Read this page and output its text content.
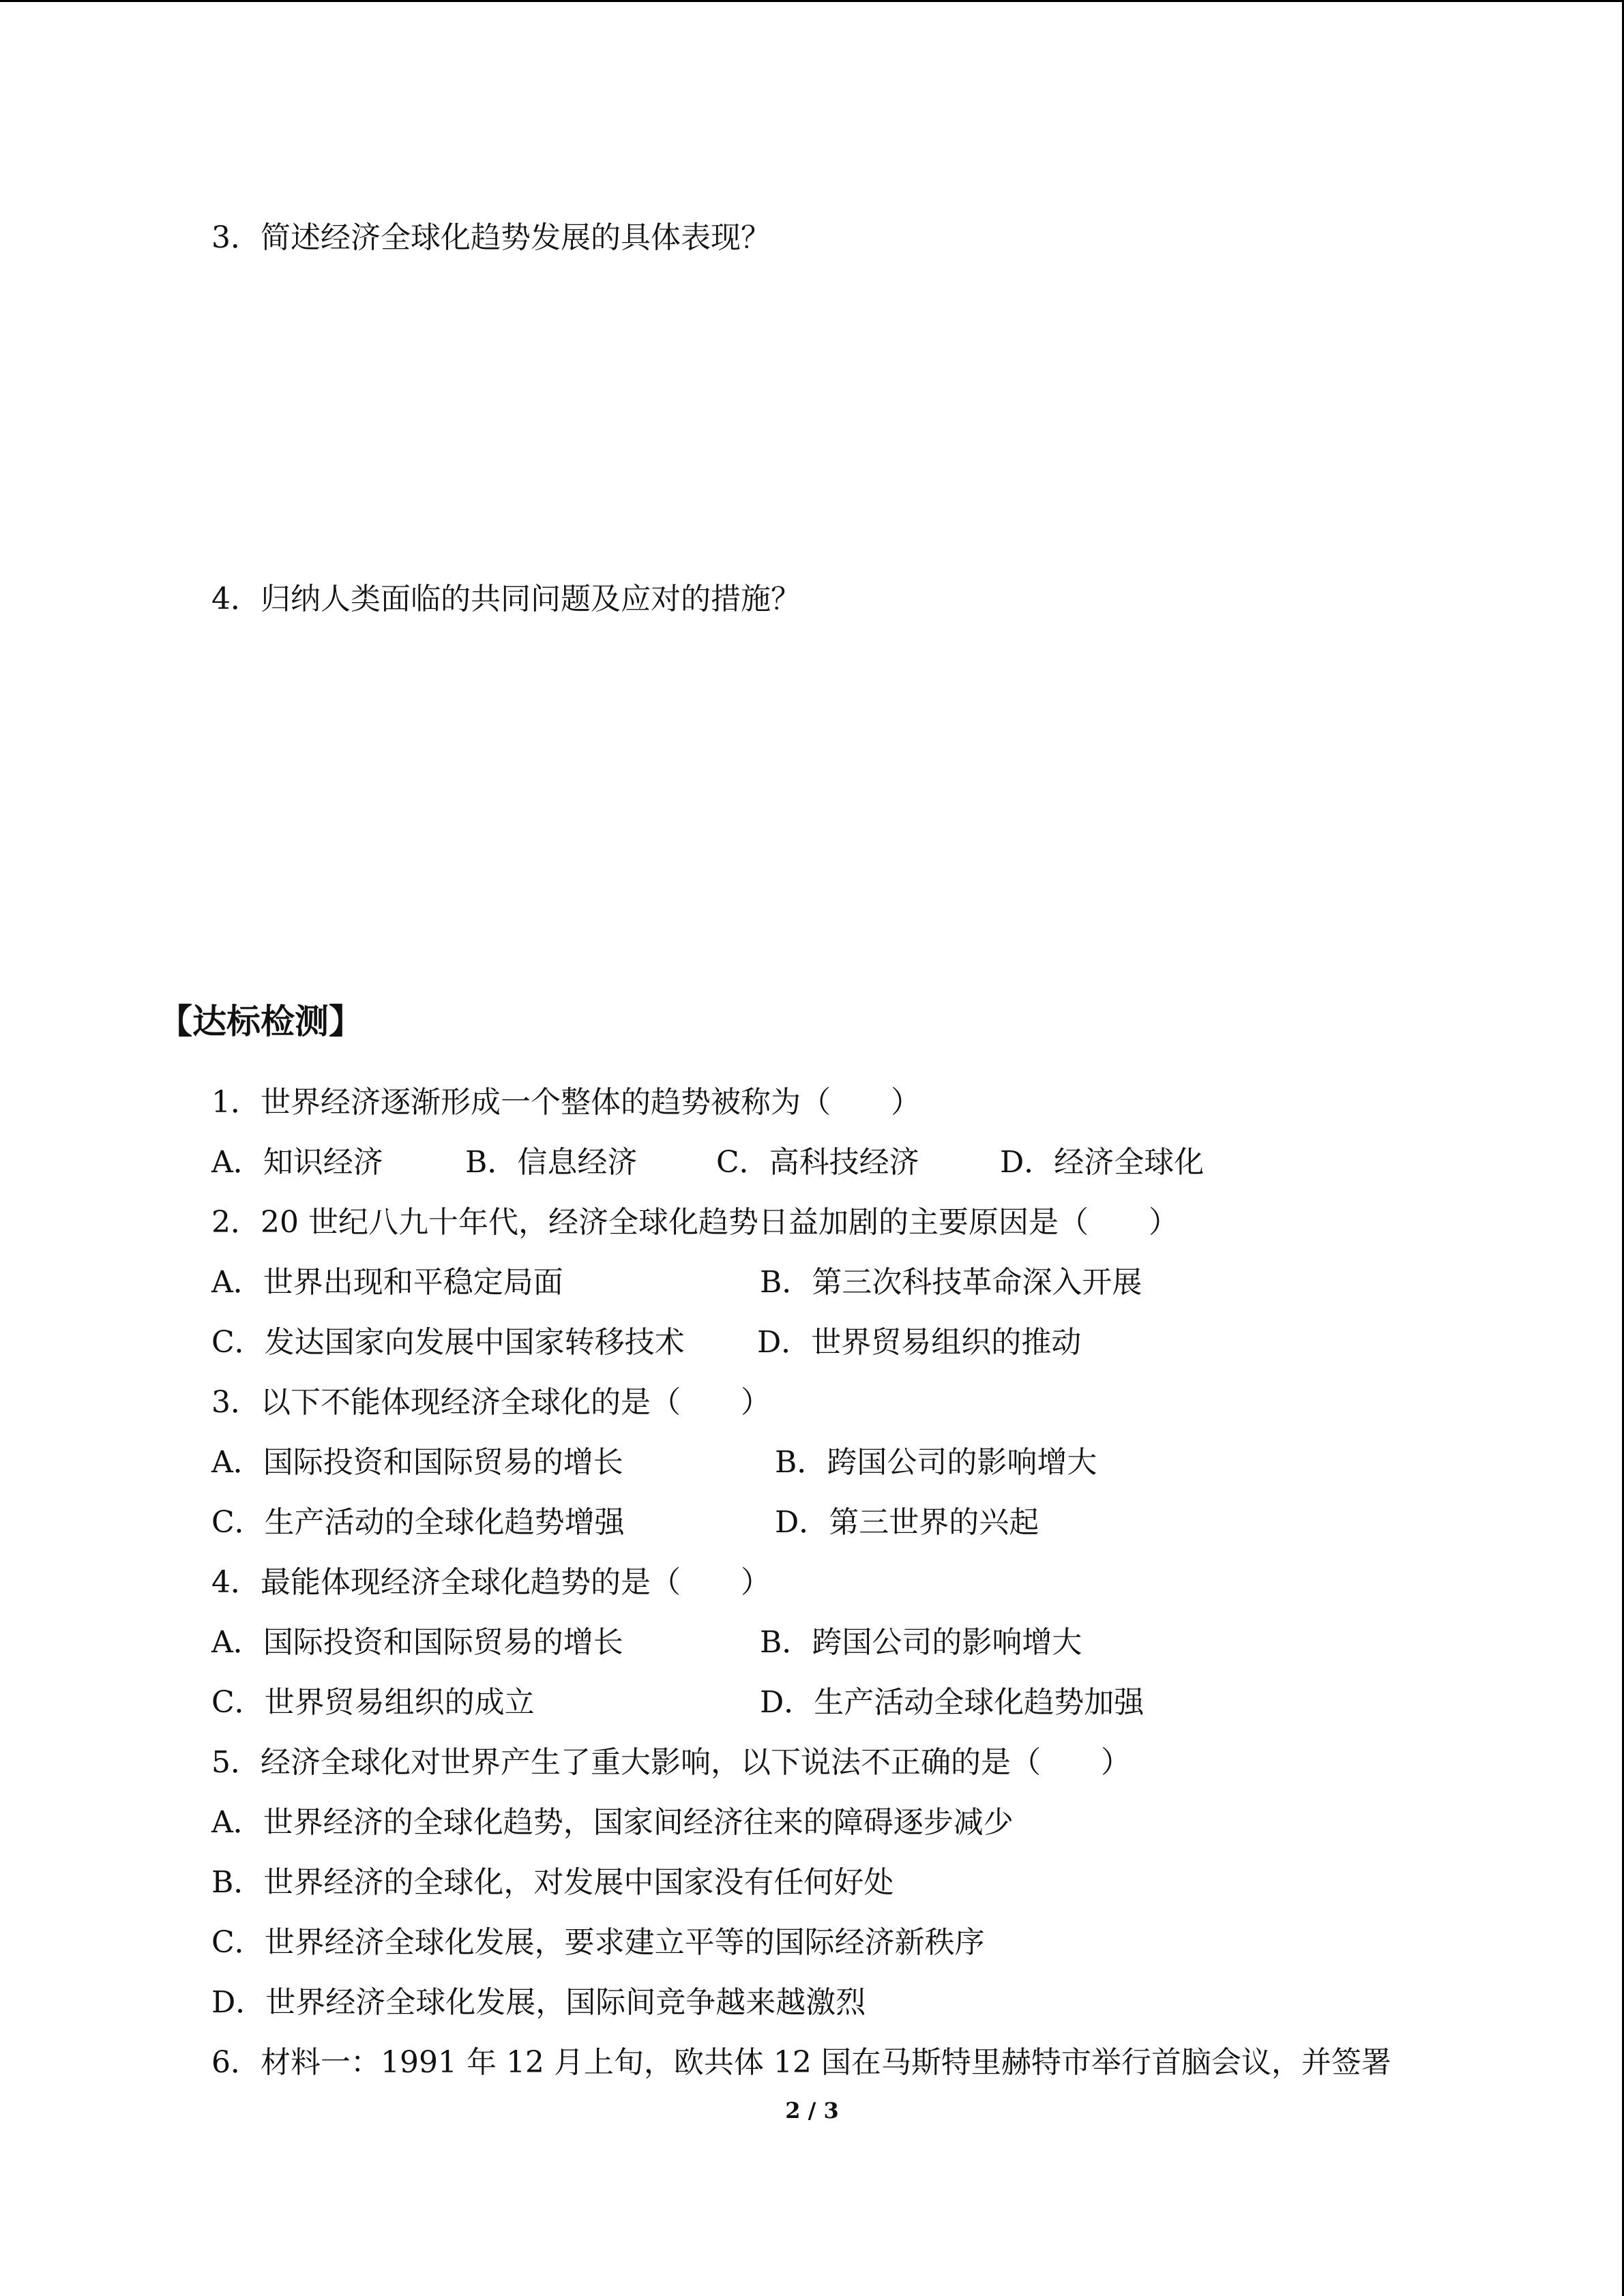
3．简述经济全球化趋势发展的具体表现？

4．归纳人类面临的共同问题及应对的措施？

【达标检测】

1．世界经济逐渐形成一个整体的趋势被称为（　　）

A．知识经济

	B．信息经济

	C．高科技经济

	D．经济全球化

2．20 世纪八九十年代，经济全球化趋势日益加剧的主要原因是（　　）

A．世界出现和平稳定局面

	B．第三次科技革命深入开展

C．发达国家向发展中国家转移技术

D．世界贸易组织的推动

3．以下不能体现经济全球化的是（　　）

A．国际投资和国际贸易的增长

	B．跨国公司的影响增大

C．生产活动的全球化趋势增强

	D．第三世界的兴起

4．最能体现经济全球化趋势的是（　　）

A．国际投资和国际贸易的增长

	B．跨国公司的影响增大

C．世界贸易组织的成立

	D．生产活动全球化趋势加强

5．经济全球化对世界产生了重大影响，以下说法不正确的是（　　）

A．世界经济的全球化趋势，国家间经济往来的障碍逐步减少

B．世界经济的全球化，对发展中国家没有任何好处

C．世界经济全球化发展，要求建立平等的国际经济新秩序

D．世界经济全球化发展，国际间竞争越来越激烈

6．材料一：1991 年 12 月上旬，欧共体 12 国在马斯特里赫特市举行首脑会议，并签署

2 / 3
